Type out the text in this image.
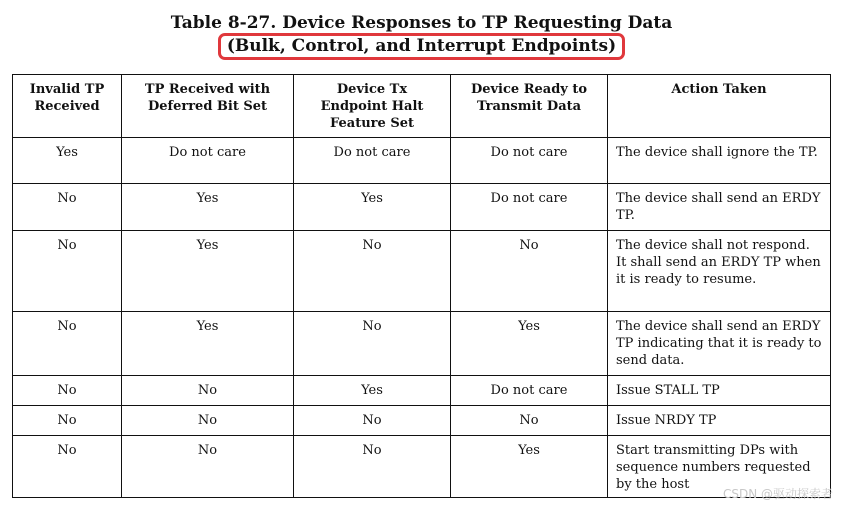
Table 8-27. Device Responses to TP Requesting Data
(Bulk, Control, and Interrupt Endpoints)
Invalid TP Received	TP Received with Deferred Bit Set	Device Tx Endpoint Halt Feature Set	Device Ready to Transmit Data	Action Taken
Yes	Do not care	Do not care	Do not care	The device shall ignore the TP.
No	Yes	Yes	Do not care	The device shall send an ERDY TP.
No	Yes	No	No	The device shall not respond. It shall send an ERDY TP when it is ready to resume.
No	Yes	No	Yes	The device shall send an ERDY TP indicating that it is ready to send data.
No	No	Yes	Do not care	Issue STALL TP
No	No	No	No	Issue NRDY TP
No	No	No	Yes	Start transmitting DPs with sequence numbers requested by the host
CSDN @驱动探索者
